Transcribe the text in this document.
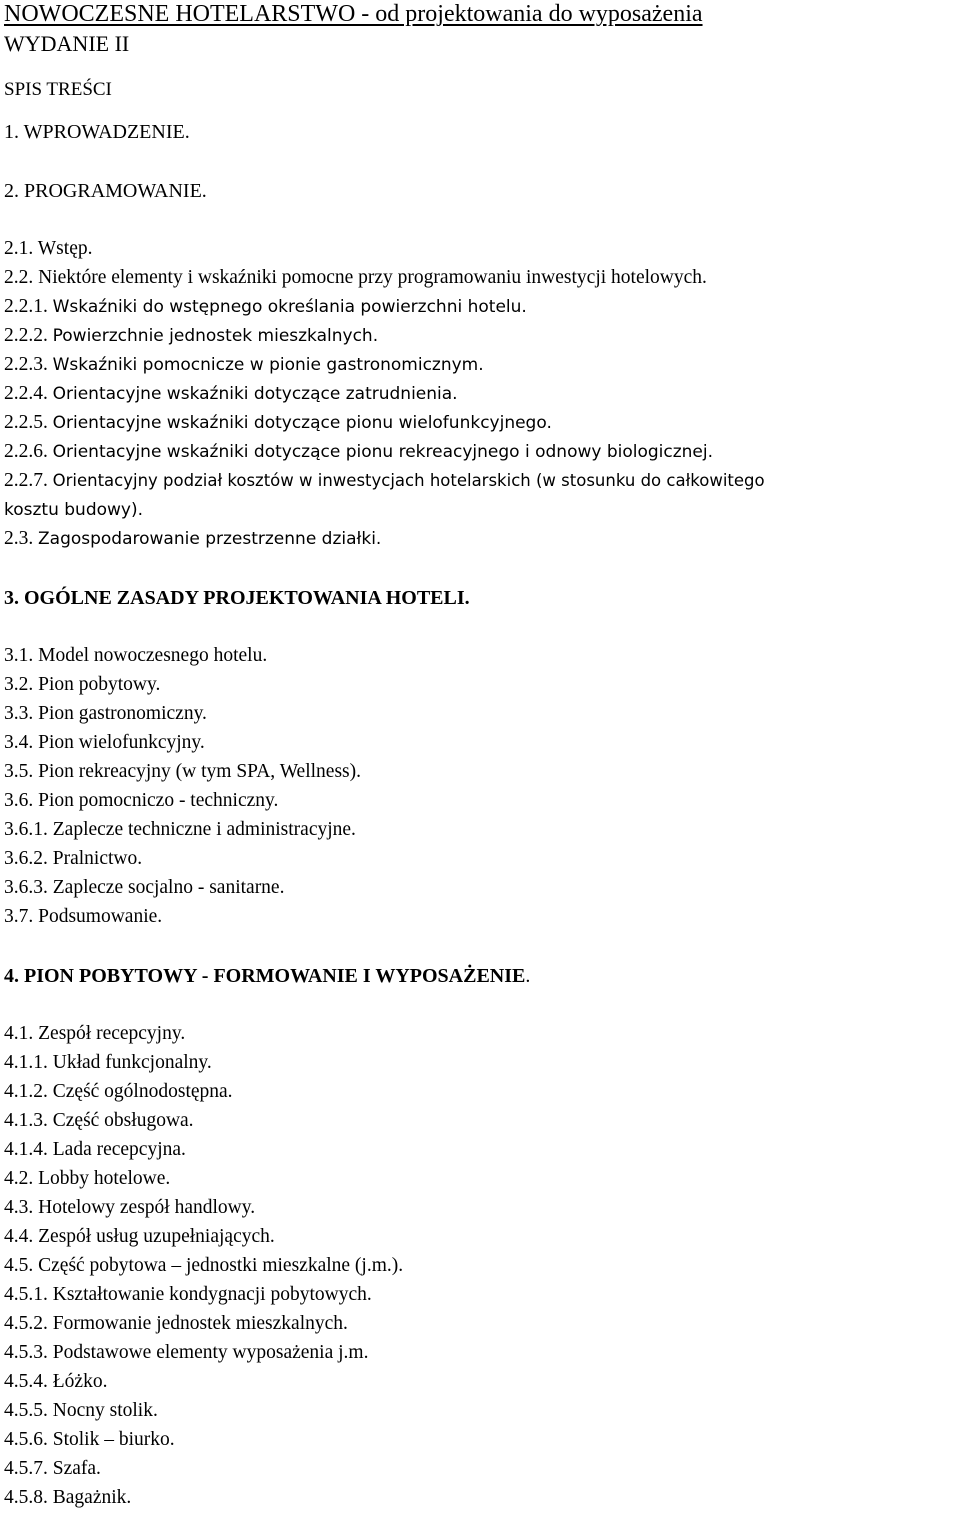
NOWOCZESNE HOTELARSTWO - od projektowania do wyposażenia
WYDANIE II
SPIS TREŚCI
1. WPROWADZENIE.
2. PROGRAMOWANIE.
2.1. Wstęp.
2.2. Niektóre elementy i wskaźniki pomocne przy programowaniu inwestycji hotelowych.
2.2.1. Wskaźniki do wstępnego określania powierzchni hotelu.
2.2.2. Powierzchnie jednostek mieszkalnych.
2.2.3. Wskaźniki pomocnicze w pionie gastronomicznym.
2.2.4. Orientacyjne wskaźniki dotyczące zatrudnienia.
2.2.5. Orientacyjne wskaźniki dotyczące pionu wielofunkcyjnego.
2.2.6. Orientacyjne wskaźniki dotyczące pionu rekreacyjnego i odnowy biologicznej.
2.2.7. Orientacyjny podział kosztów w inwestycjach hotelarskich (w stosunku do całkowitego
kosztu budowy).
2.3. Zagospodarowanie przestrzenne działki.
3. OGÓLNE ZASADY PROJEKTOWANIA HOTELI.
3.1. Model nowoczesnego hotelu.
3.2. Pion pobytowy.
3.3. Pion gastronomiczny.
3.4. Pion wielofunkcyjny.
3.5. Pion rekreacyjny (w tym SPA, Wellness).
3.6. Pion pomocniczo - techniczny.
3.6.1. Zaplecze techniczne i administracyjne.
3.6.2. Pralnictwo.
3.6.3. Zaplecze socjalno - sanitarne.
3.7. Podsumowanie.
4. PION POBYTOWY - FORMOWANIE I WYPOSAŻENIE.
4.1. Zespół recepcyjny.
4.1.1. Układ funkcjonalny.
4.1.2. Część ogólnodostępna.
4.1.3. Część obsługowa.
4.1.4. Lada recepcyjna.
4.2. Lobby hotelowe.
4.3. Hotelowy zespół handlowy.
4.4. Zespół usług uzupełniających.
4.5. Część pobytowa – jednostki mieszkalne (j.m.).
4.5.1. Kształtowanie kondygnacji pobytowych.
4.5.2. Formowanie jednostek mieszkalnych.
4.5.3. Podstawowe elementy wyposażenia j.m.
4.5.4. Łóżko.
4.5.5. Nocny stolik.
4.5.6. Stolik – biurko.
4.5.7. Szafa.
4.5.8. Bagażnik.
